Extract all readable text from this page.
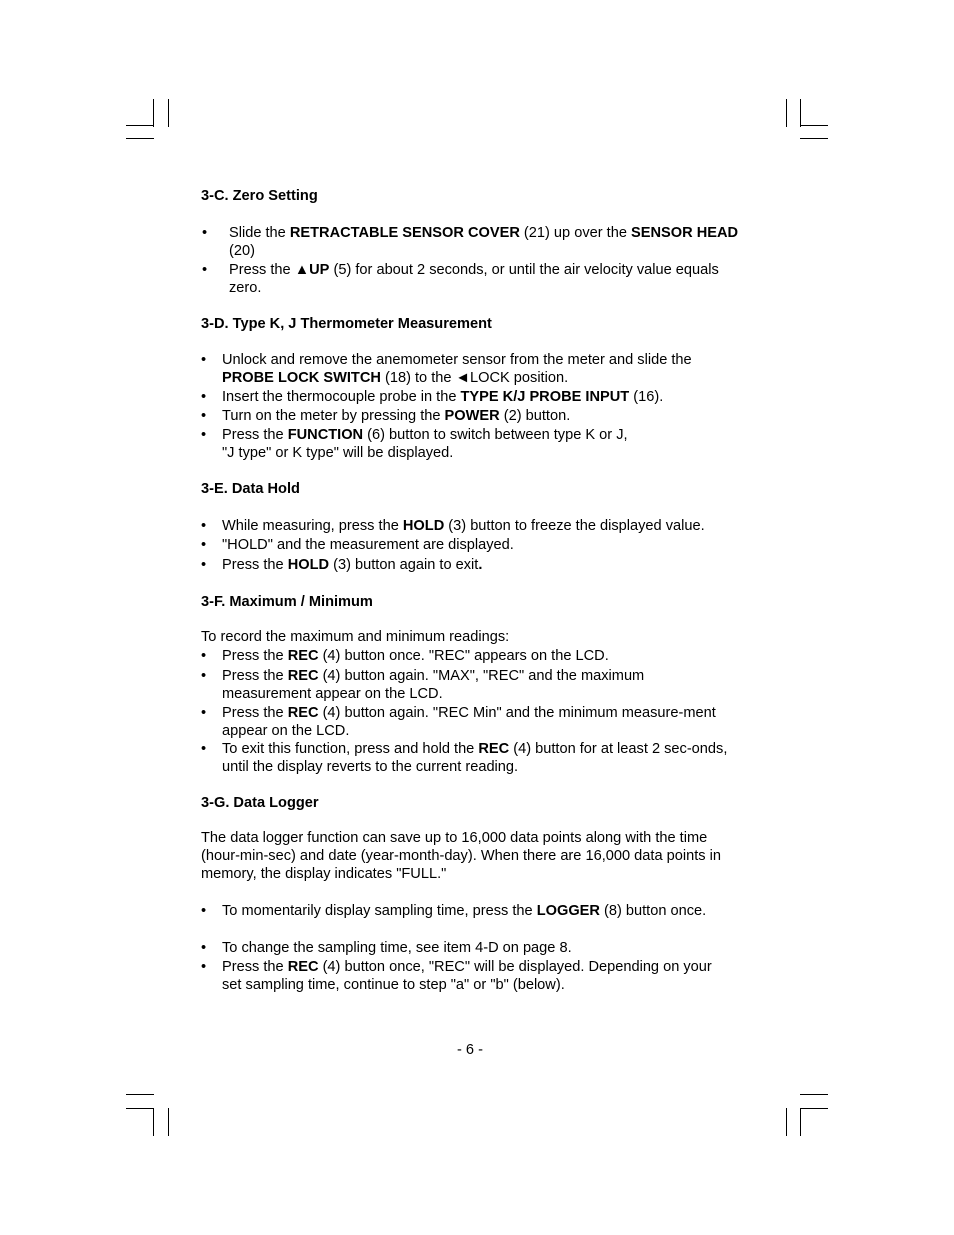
3-C. Zero Setting
• Slide the RETRACTABLE SENSOR COVER (21) up over the SENSOR HEAD (20)
• Press the ▲UP (5) for about 2 seconds, or until the air velocity value equals zero.
3-D. Type K, J Thermometer Measurement
• Unlock and remove the anemometer sensor from the meter and slide the PROBE LOCK SWITCH (18) to the ◄LOCK position.
• Insert the thermocouple probe in the TYPE K/J PROBE INPUT (16).
• Turn on the meter by pressing the POWER (2) button.
• Press the FUNCTION (6) button to switch between type K or J,
"J type" or K type" will be displayed.
3-E. Data Hold
• While measuring, press the HOLD (3) button to freeze the displayed value.
• "HOLD" and the measurement are displayed.
• Press the HOLD (3) button again to exit.
3-F. Maximum / Minimum
To record the maximum and minimum readings:
• Press the REC (4) button once. "REC" appears on the LCD.
• Press the REC (4) button again. "MAX", "REC" and the maximum measurement appear on the LCD.
• Press the REC (4) button again. "REC Min" and the minimum measure-ment appear on the LCD.
• To exit this function, press and hold the REC (4) button for at least 2 sec-onds, until the display reverts to the current reading.
3-G. Data Logger
The data logger function can save up to 16,000 data points along with the time (hour-min-sec) and date (year-month-day). When there are 16,000 data points in memory, the display indicates "FULL."
• To momentarily display sampling time, press the LOGGER (8) button once.
• To change the sampling time, see item 4-D on page 8.
• Press the REC (4) button once, "REC" will be displayed. Depending on your set sampling time, continue to step "a" or "b" (below).
- 6 -
